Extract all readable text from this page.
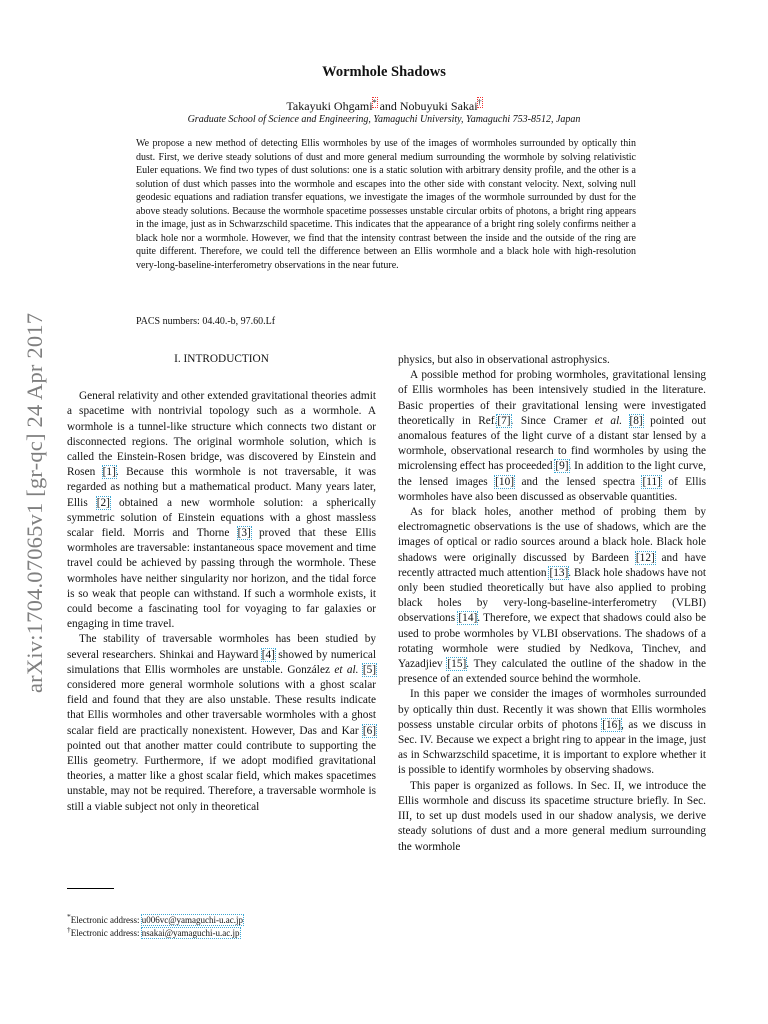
arXiv:1704.07065v1 [gr-qc] 24 Apr 2017
Wormhole Shadows
Takayuki Ohgami* and Nobuyuki Sakai†
Graduate School of Science and Engineering, Yamaguchi University, Yamaguchi 753-8512, Japan
We propose a new method of detecting Ellis wormholes by use of the images of wormholes surrounded by optically thin dust. First, we derive steady solutions of dust and more general medium surrounding the wormhole by solving relativistic Euler equations. We find two types of dust solutions: one is a static solution with arbitrary density profile, and the other is a solution of dust which passes into the wormhole and escapes into the other side with constant velocity. Next, solving null geodesic equations and radiation transfer equations, we investigate the images of the wormhole surrounded by dust for the above steady solutions. Because the wormhole spacetime possesses unstable circular orbits of photons, a bright ring appears in the image, just as in Schwarzschild spacetime. This indicates that the appearance of a bright ring solely confirms neither a black hole nor a wormhole. However, we find that the intensity contrast between the inside and the outside of the ring are quite different. Therefore, we could tell the difference between an Ellis wormhole and a black hole with high-resolution very-long-baseline-interferometry observations in the near future.
PACS numbers: 04.40.-b, 97.60.Lf
I. INTRODUCTION

General relativity and other extended gravitational theories admit a spacetime with nontrivial topology such as a wormhole. A wormhole is a tunnel-like structure which connects two distant or disconnected regions. The original wormhole solution, which is called the Einstein-Rosen bridge, was discovered by Einstein and Rosen [1]. Because this wormhole is not traversable, it was regarded as nothing but a mathematical product. Many years later, Ellis [2] obtained a new wormhole solution: a spherically symmetric solution of Einstein equations with a ghost massless scalar field. Morris and Thorne [3] proved that these Ellis wormholes are traversable: instantaneous space movement and time travel could be achieved by passing through the wormhole. These wormholes have neither singularity nor horizon, and the tidal force is so weak that people can withstand. If such a wormhole exists, it could become a fascinating tool for voyaging to far galaxies or engaging in time travel.

The stability of traversable wormholes has been studied by several researchers. Shinkai and Hayward [4] showed by numerical simulations that Ellis wormholes are unstable. González et al. [5] considered more general wormhole solutions with a ghost scalar field and found that they are also unstable. These results indicate that Ellis wormholes and other traversable wormholes with a ghost scalar field are practically nonexistent. However, Das and Kar [6] pointed out that another matter could contribute to supporting the Ellis geometry. Furthermore, if we adopt modified gravitational theories, a matter like a ghost scalar field, which makes spacetimes unstable, may not be required. Therefore, a traversable wormhole is still a viable subject not only in theoretical

*Electronic address: u006vc@yamaguchi-u.ac.jp
†Electronic address: nsakai@yamaguchi-u.ac.jp

physics, but also in observational astrophysics.

A possible method for probing wormholes, gravitational lensing of Ellis wormholes has been intensively studied in the literature. Basic properties of their gravitational lensing were investigated theoretically in Ref.[7]. Since Cramer et al. [8] pointed out anomalous features of the light curve of a distant star lensed by a wormhole, observational research to find wormholes by using the microlensing effect has proceeded [9]. In addition to the light curve, the lensed images [10] and the lensed spectra [11] of Ellis wormholes have also been discussed as observable quantities.

As for black holes, another method of probing them by electromagnetic observations is the use of shadows, which are the images of optical or radio sources around a black hole. Black hole shadows were originally discussed by Bardeen [12] and have recently attracted much attention [13]. Black hole shadows have not only been studied theoretically but have also applied to probing black holes by very-long-baseline-interferometry (VLBI) observations [14]. Therefore, we expect that shadows could also be used to probe wormholes by VLBI observations. The shadows of a rotating wormhole were studied by Nedkova, Tinchev, and Yazadjiev [15]. They calculated the outline of the shadow in the presence of an extended source behind the wormhole.

In this paper we consider the images of wormholes surrounded by optically thin dust. Recently it was shown that Ellis wormholes possess unstable circular orbits of photons [16], as we discuss in Sec. IV. Because we expect a bright ring to appear in the image, just as in Schwarzschild spacetime, it is important to explore whether it is possible to identify wormholes by observing shadows.

This paper is organized as follows. In Sec. II, we introduce the Ellis wormhole and discuss its spacetime structure briefly. In Sec. III, to set up dust models used in our shadow analysis, we derive steady solutions of dust and a more general medium surrounding the wormhole
